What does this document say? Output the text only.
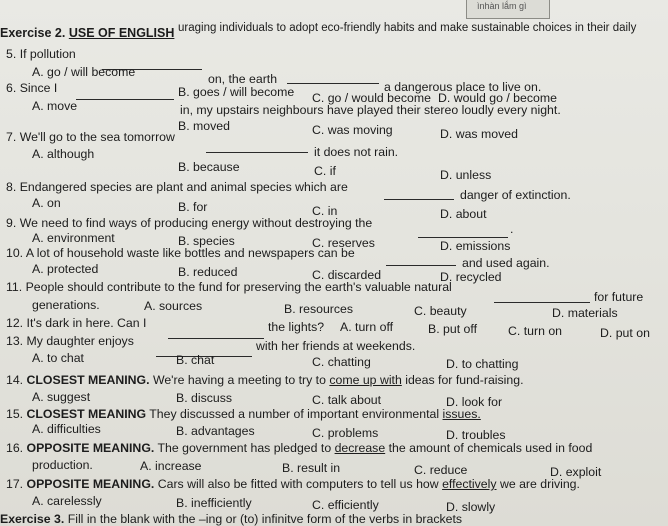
ìnhàn lắm gì
uraging individuals to adopt eco-friendly habits and make sustainable choices in their daily
Exercise 2. USE OF ENGLISH
5. If pollution
on, the earth
a dangerous place to live on.
A. go / will become
B. goes / will become C. go / would become D. would go / become
6. Since I
in, my upstairs neighbours have played their stereo loudly every night.
A. move
B. moved	C. was moving	D. was moved
7. We'll go to the sea tomorrow
it does not rain.
A. although
B. because	C. if	D. unless
8. Endangered species are plant and animal species which are
danger of extinction.
A. on	B. for	C. in	D. about
9. We need to find ways of producing energy without destroying the	.
A. environment	B. species	C. reserves	D. emissions
10. A lot of household waste like bottles and newspapers can be
and used again.
A. protected	B. reduced	C. discarded	D. recycled
11. People should contribute to the fund for preserving the earth's valuable natural
for future
generations.	A. sources	B. resources	C. beauty	D. materials
12. It's dark in here. Can I	the lights? A. turn off	B. put off	C. turn on	D. put on
13. My daughter enjoys	with her friends at weekends.
A. to chat	B. chat	C. chatting	D. to chatting
14. CLOSEST MEANING. We're having a meeting to try to come up with ideas for fund-raising.
A. suggest	B. discuss	C. talk about	D. look for
15. CLOSEST MEANING They discussed a number of important environmental issues.
A. difficulties	B. advantages	C. problems	D. troubles
16. OPPOSITE MEANING. The government has pledged to decrease the amount of chemicals used in food
production.	A. increase	B. result in	C. reduce	D. exploit
17. OPPOSITE MEANING. Cars will also be fitted with computers to tell us how effectively we are driving.
A. carelessly	B. inefficiently	C. efficiently	D. slowly
Exercise 3. Fill in the blank with the –ing or (to) infinitve form of the verbs in brackets
